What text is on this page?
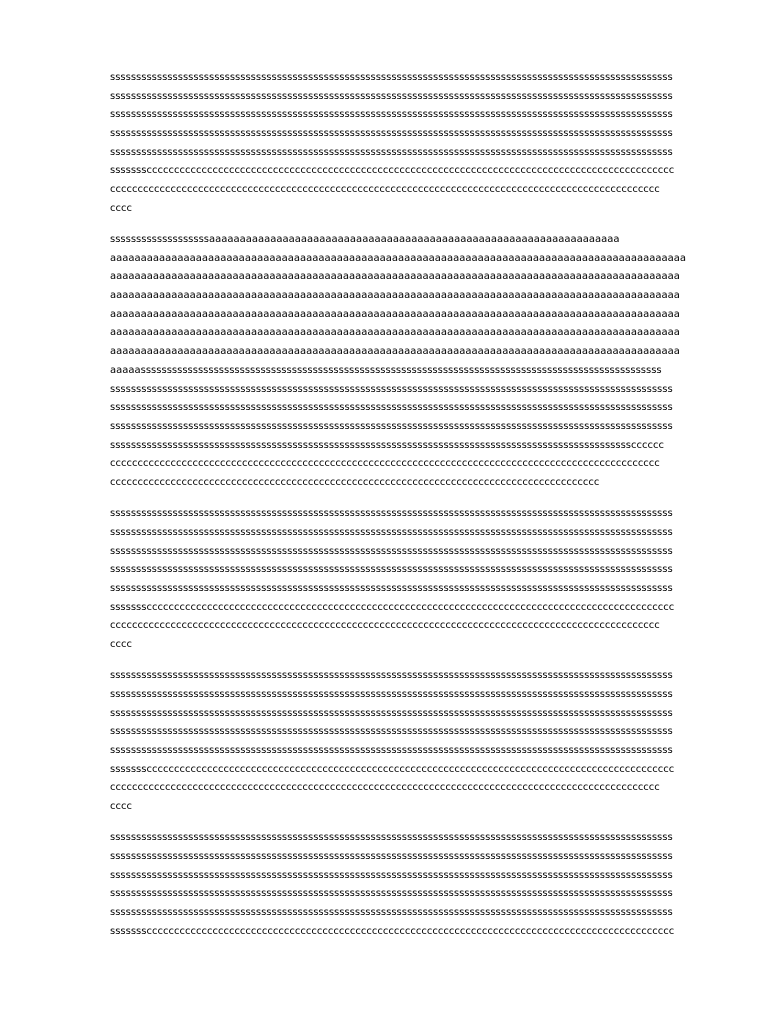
ssssssssssssssssssssssssssssssssssssssssssssssssssssssssssssssssssssssssssssssssssssssssssssssssssssssssssss
ssssssssssssssssssssssssssssssssssssssssssssssssssssssssssssssssssssssssssssssssssssssssssssssssssssssssssss
ssssssssssssssssssssssssssssssssssssssssssssssssssssssssssssssssssssssssssssssssssssssssssssssssssssssssssss
ssssssssssssssssssssssssssssssssssssssssssssssssssssssssssssssssssssssssssssssssssssssssssssssssssssssssssss
ssssssssssssssssssssssssssssssssssssssssssssssssssssssssssssssssssssssssssssssssssssssssssssssssssssssssssss
ssssssscccccccccccccccccccccccccccccccccccccccccccccccccccccccccccccccccccccccccccccccccccccccccccccccc
cccccccccccccccccccccccccccccccccccccccccccccccccccccccccccccccccccccccccccccccccccccccccccccccccccc
cccc

sssssssssssssssssssaaaaaaaaaaaaaaaaaaaaaaaaaaaaaaaaaaaaaaaaaaaaaaaaaaaaaaaaaaaaaaaaaaa
aaaaaaaaaaaaaaaaaaaaaaaaaaaaaaaaaaaaaaaaaaaaaaaaaaaaaaaaaaaaaaaaaaaaaaaaaaaaaaaaaaaaaaaaaaaaaa
aaaaaaaaaaaaaaaaaaaaaaaaaaaaaaaaaaaaaaaaaaaaaaaaaaaaaaaaaaaaaaaaaaaaaaaaaaaaaaaaaaaaaaaaaaaaa
aaaaaaaaaaaaaaaaaaaaaaaaaaaaaaaaaaaaaaaaaaaaaaaaaaaaaaaaaaaaaaaaaaaaaaaaaaaaaaaaaaaaaaaaaaaaa
aaaaaaaaaaaaaaaaaaaaaaaaaaaaaaaaaaaaaaaaaaaaaaaaaaaaaaaaaaaaaaaaaaaaaaaaaaaaaaaaaaaaaaaaaaaaa
aaaaaaaaaaaaaaaaaaaaaaaaaaaaaaaaaaaaaaaaaaaaaaaaaaaaaaaaaaaaaaaaaaaaaaaaaaaaaaaaaaaaaaaaaaaaa
aaaaaaaaaaaaaaaaaaaaaaaaaaaaaaaaaaaaaaaaaaaaaaaaaaaaaaaaaaaaaaaaaaaaaaaaaaaaaaaaaaaaaaaaaaaaa
aaaaassssssssssssssssssssssssssssssssssssssssssssssssssssssssssssssssssssssssssssssssssssssssssssssssssss
ssssssssssssssssssssssssssssssssssssssssssssssssssssssssssssssssssssssssssssssssssssssssssssssssssssssssssss
ssssssssssssssssssssssssssssssssssssssssssssssssssssssssssssssssssssssssssssssssssssssssssssssssssssssssssss
ssssssssssssssssssssssssssssssssssssssssssssssssssssssssssssssssssssssssssssssssssssssssssssssssssssssssssss
sssssssssssssssssssssssssssssssssssssssssssssssssssssssssssssssssssssssssssssssssssssssssssssssssssscccccc
cccccccccccccccccccccccccccccccccccccccccccccccccccccccccccccccccccccccccccccccccccccccccccccccccccc
ccccccccccccccccccccccccccccccccccccccccccccccccccccccccccccccccccccccccccccccccccccccccc

ssssssssssssssssssssssssssssssssssssssssssssssssssssssssssssssssssssssssssssssssssssssssssssssssssssssssssss
ssssssssssssssssssssssssssssssssssssssssssssssssssssssssssssssssssssssssssssssssssssssssssssssssssssssssssss
ssssssssssssssssssssssssssssssssssssssssssssssssssssssssssssssssssssssssssssssssssssssssssssssssssssssssssss
ssssssssssssssssssssssssssssssssssssssssssssssssssssssssssssssssssssssssssssssssssssssssssssssssssssssssssss
ssssssssssssssssssssssssssssssssssssssssssssssssssssssssssssssssssssssssssssssssssssssssssssssssssssssssssss
ssssssscccccccccccccccccccccccccccccccccccccccccccccccccccccccccccccccccccccccccccccccccccccccccccccccc
cccccccccccccccccccccccccccccccccccccccccccccccccccccccccccccccccccccccccccccccccccccccccccccccccccc
cccc

ssssssssssssssssssssssssssssssssssssssssssssssssssssssssssssssssssssssssssssssssssssssssssssssssssssssssssss
ssssssssssssssssssssssssssssssssssssssssssssssssssssssssssssssssssssssssssssssssssssssssssssssssssssssssssss
ssssssssssssssssssssssssssssssssssssssssssssssssssssssssssssssssssssssssssssssssssssssssssssssssssssssssssss
ssssssssssssssssssssssssssssssssssssssssssssssssssssssssssssssssssssssssssssssssssssssssssssssssssssssssssss
ssssssssssssssssssssssssssssssssssssssssssssssssssssssssssssssssssssssssssssssssssssssssssssssssssssssssssss
ssssssscccccccccccccccccccccccccccccccccccccccccccccccccccccccccccccccccccccccccccccccccccccccccccccccc
cccccccccccccccccccccccccccccccccccccccccccccccccccccccccccccccccccccccccccccccccccccccccccccccccccc
cccc

ssssssssssssssssssssssssssssssssssssssssssssssssssssssssssssssssssssssssssssssssssssssssssssssssssssssssssss
ssssssssssssssssssssssssssssssssssssssssssssssssssssssssssssssssssssssssssssssssssssssssssssssssssssssssssss
ssssssssssssssssssssssssssssssssssssssssssssssssssssssssssssssssssssssssssssssssssssssssssssssssssssssssssss
ssssssssssssssssssssssssssssssssssssssssssssssssssssssssssssssssssssssssssssssssssssssssssssssssssssssssssss
ssssssssssssssssssssssssssssssssssssssssssssssssssssssssssssssssssssssssssssssssssssssssssssssssssssssssssss
ssssssscccccccccccccccccccccccccccccccccccccccccccccccccccccccccccccccccccccccccccccccccccccccccccccccc
